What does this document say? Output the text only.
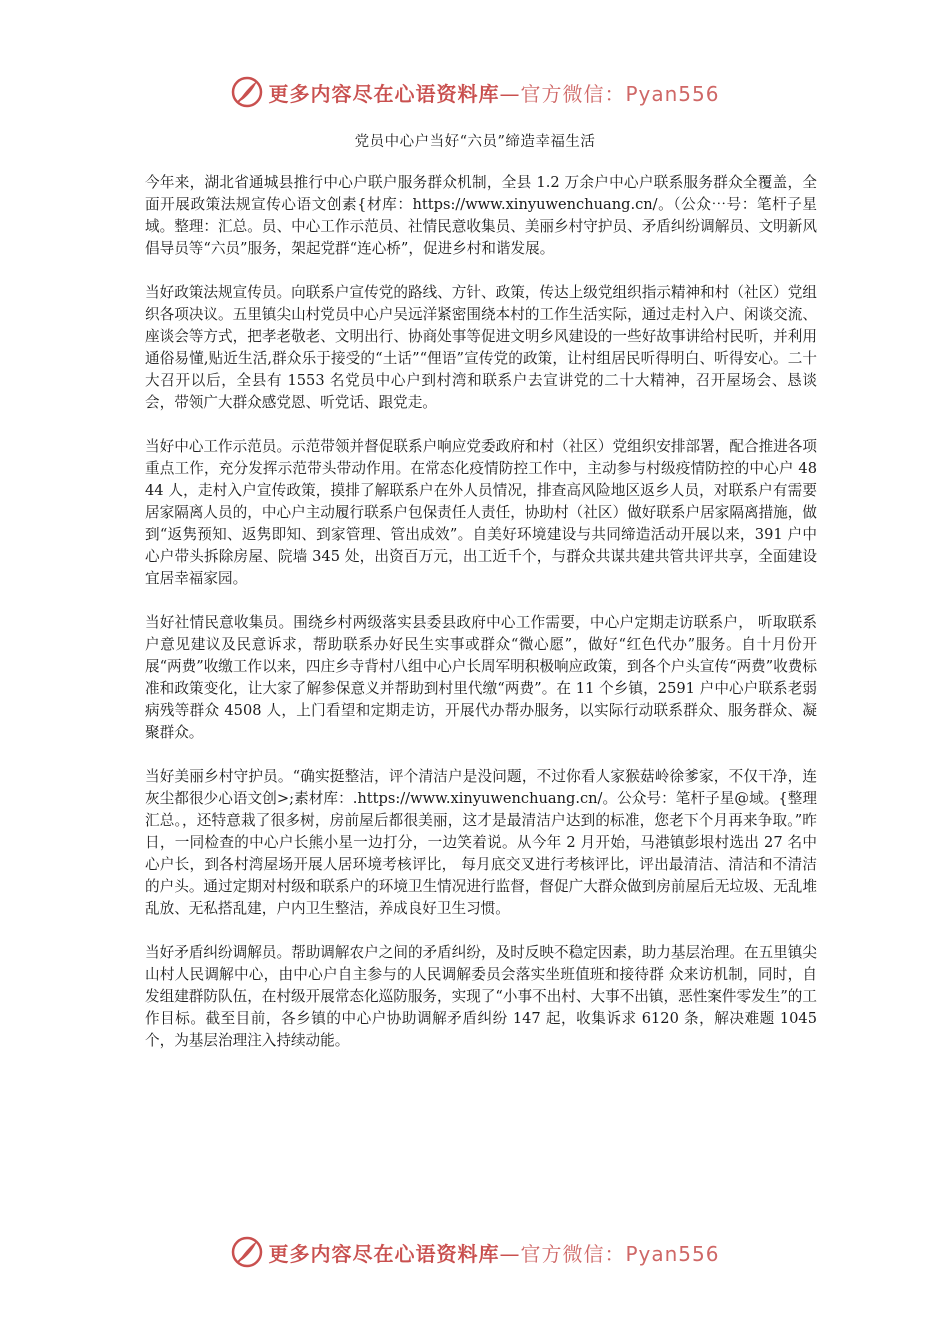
更多内容尽在心语资料库—官方微信：Pyan556
党员中心户当好“六员”缔造幸福生活

今年来，湖北省通城县推行中心户联户服务群众机制，全县 1.2 万余户中心户联系服务群众全覆盖，全面开展政策法规宣传心语文创素{材库：https://www.xinyuwenchuang.cn/。（公众⋯号：笔杆子星域。整理：汇总。员、中心工作示范员、社情民意收集员、美丽乡村守护员、矛盾纠纷调解员、文明新风倡导员等“六员”服务，架起党群“连心桥”，促进乡村和谐发展。

当好政策法规宣传员。向联系户宣传党的路线、方针、政策，传达上级党组织指示精神和村（社区）党组织各项决议。五里镇尖山村党员中心户吴远洋紧密围绕本村的工作生活实际，通过走村入户、闲谈交流、座谈会等方式，把孝老敬老、文明出行、协商处事等促进文明乡风建设的一些好故事讲给村民听，并利用通俗易懂,贴近生活,群众乐于接受的“土话”“俚语”宣传党的政策，让村组居民听得明白、听得安心。二十大召开以后，全县有 1553 名党员中心户到村湾和联系户去宣讲党的二十大精神，召开屋场会、恳谈会，带领广大群众感党恩、听党话、跟党走。

当好中心工作示范员。示范带领并督促联系户响应党委政府和村（社区）党组织安排部署，配合推进各项重点工作，充分发挥示范带头带动作用。在常态化疫情防控工作中，主动参与村级疫情防控的中心户 4844 人，走村入户宣传政策，摸排了解联系户在外人员情况，排查高风险地区返乡人员，对联系户有需要居家隔离人员的，中心户主动履行联系户包保责任人责任，协助村（社区）做好联系户居家隔离措施，做到“返隽预知、返隽即知、到家管理、管出成效”。自美好环境建设与共同缔造活动开展以来，391 户中心户带头拆除房屋、院墙 345 处，出资百万元，出工近千个，与群众共谋共建共管共评共享，全面建设宜居幸福家园。

当好社情民意收集员。围绕乡村两级落实县委县政府中心工作需要，中心户定期走访联系户， 听取联系户意见建议及民意诉求，帮助联系办好民生实事或群众“微心愿”，做好“红色代办”服务。自十月份开展“两费”收缴工作以来，四庄乡寺背村八组中心户长周军明积极响应政策，到各个户头宣传“两费”收费标准和政策变化，让大家了解参保意义并帮助到村里代缴“两费”。在 11 个乡镇，2591 户中心户联系老弱病残等群众 4508 人，上门看望和定期走访，开展代办帮办服务，以实际行动联系群众、服务群众、凝聚群众。

当好美丽乡村守护员。“确实挺整洁，评个清洁户是没问题，不过你看人家猴菇岭徐爹家，不仅干净，连灰尘都很少心语文创>;素材库：.https://www.xinyuwenchuang.cn/。公众号：笔杆子星@域。{整理汇总。，还特意栽了很多树，房前屋后都很美丽，这才是最清洁户达到的标准，您老下个月再来争取。”昨日，一同检查的中心户长熊小星一边打分，一边笑着说。从今年 2 月开始，马港镇彭垠村选出 27 名中心户长，到各村湾屋场开展人居环境考核评比， 每月底交叉进行考核评比，评出最清洁、清洁和不清洁的户头。通过定期对村级和联系户的环境卫生情况进行监督，督促广大群众做到房前屋后无垃圾、无乱堆乱放、无私搭乱建，户内卫生整洁，养成良好卫生习惯。

当好矛盾纠纷调解员。帮助调解农户之间的矛盾纠纷，及时反映不稳定因素，助力基层治理。在五里镇尖山村人民调解中心，由中心户自主参与的人民调解委员会落实坐班值班和接待群 众来访机制，同时，自发组建群防队伍，在村级开展常态化巡防服务，实现了“小事不出村、大事不出镇，恶性案件零发生”的工作目标。截至目前，各乡镇的中心户协助调解矛盾纠纷 147 起，收集诉求 6120 条，解决难题 1045 个，为基层治理注入持续动能。

更多内容尽在心语资料库—官方微信：Pyan556
